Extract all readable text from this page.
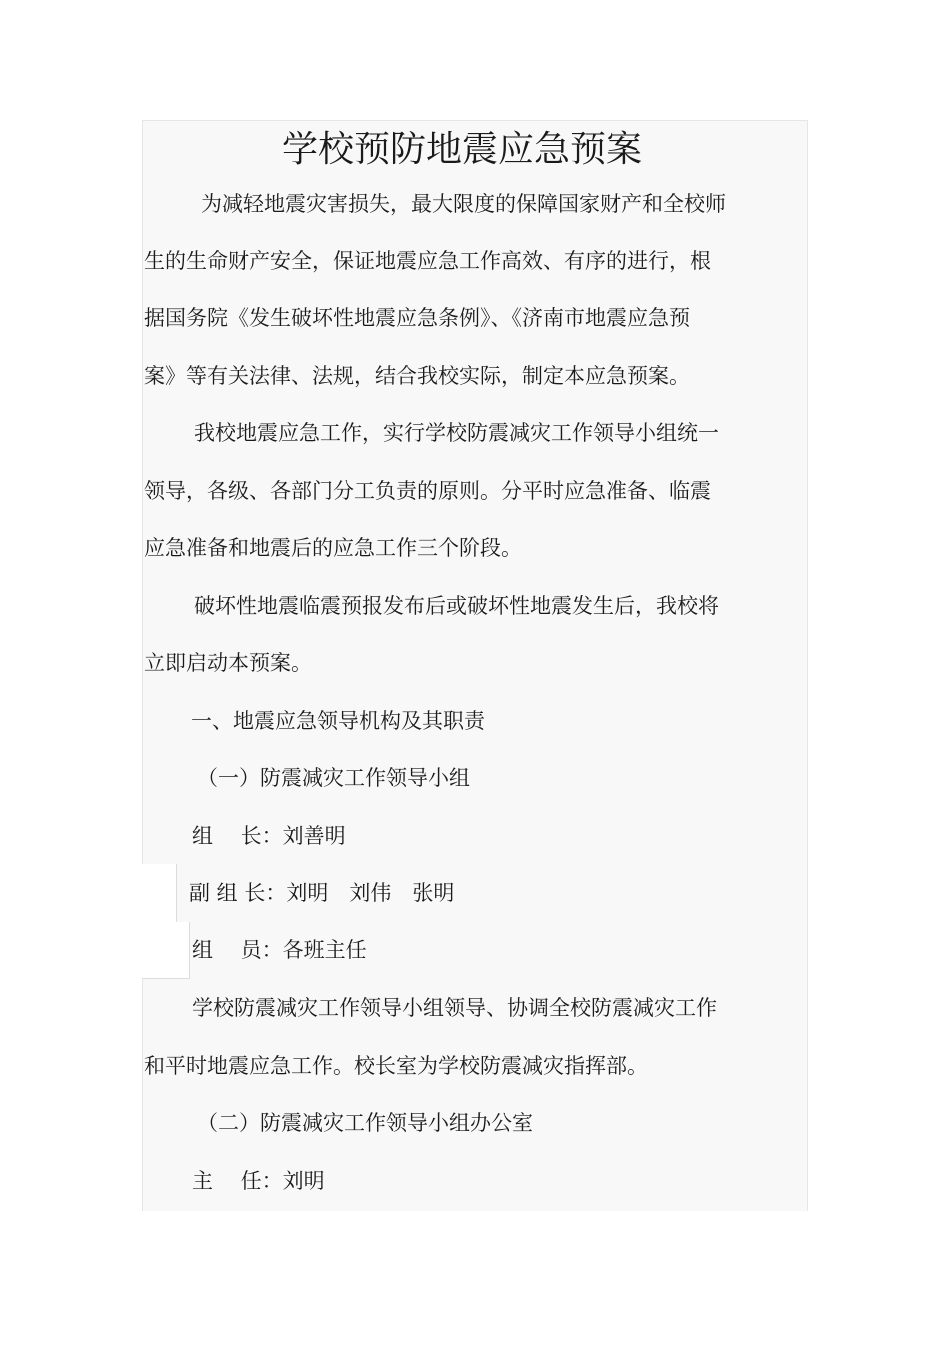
学校预防地震应急预案

为减轻地震灾害损失，最大限度的保障国家财产和全校师

生的生命财产安全，保证地震应急工作高效、有序的进行，根

据国务院《发生破坏性地震应急条例》、《济南市地震应急预

案》等有关法律、法规，结合我校实际，制定本应急预案。

我校地震应急工作，实行学校防震减灾工作领导小组统一

领导，各级、各部门分工负责的原则。分平时应急准备、临震

应急准备和地震后的应急工作三个阶段。

破坏性地震临震预报发布后或破坏性地震发生后，我校将

立即启动本预案。

一、地震应急领导机构及其职责

（一）防震减灾工作领导小组

组　 长：刘善明

副 组 长：刘明　刘伟　张明

组　 员：各班主任

学校防震减灾工作领导小组领导、协调全校防震减灾工作

和平时地震应急工作。校长室为学校防震减灾指挥部。

（二）防震减灾工作领导小组办公室

主　 任：刘明
